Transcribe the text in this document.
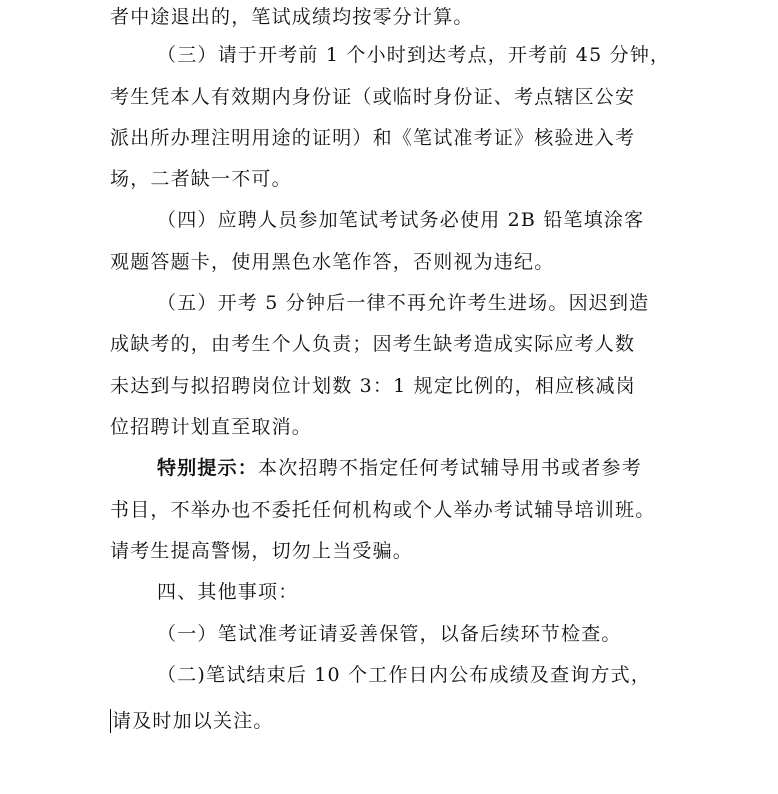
者中途退出的，笔试成绩均按零分计算。
（三）请于开考前 1 个小时到达考点，开考前 45 分钟，
考生凭本人有效期内身份证（或临时身份证、考点辖区公安
派出所办理注明用途的证明）和《笔试准考证》核验进入考
场，二者缺一不可。
（四）应聘人员参加笔试考试务必使用 2B 铅笔填涂客
观题答题卡，使用黑色水笔作答，否则视为违纪。
（五）开考 5 分钟后一律不再允许考生进场。因迟到造
成缺考的，由考生个人负责；因考生缺考造成实际应考人数
未达到与拟招聘岗位计划数 3：1 规定比例的，相应核减岗
位招聘计划直至取消。
特别提示：本次招聘不指定任何考试辅导用书或者参考
书目，不举办也不委托任何机构或个人举办考试辅导培训班。
请考生提高警惕，切勿上当受骗。
四、其他事项：
（一）笔试准考证请妥善保管，以备后续环节检查。
（二)笔试结束后 10 个工作日内公布成绩及查询方式，
请及时加以关注。
